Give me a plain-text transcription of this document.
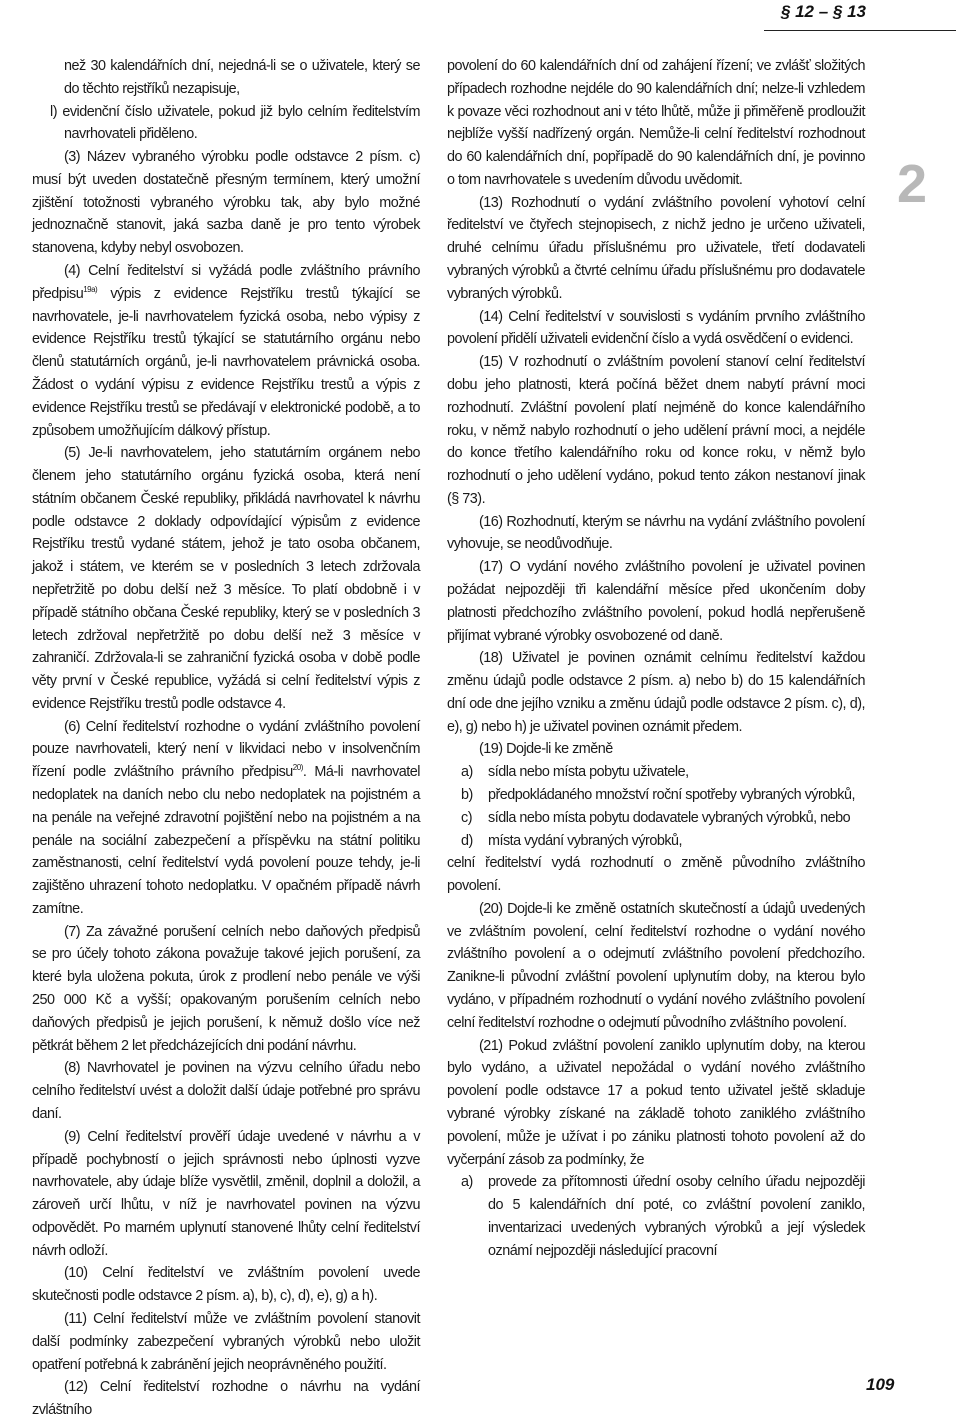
§ 12 – § 13
2

než 30 kalendářních dní, nejedná-li se o uživatele, který se do těchto rejstříků nezapisuje,

l) evidenční číslo uživatele, pokud již bylo celním ředitelstvím navrhovateli přiděleno.

(3) Název vybraného výrobku podle odstavce 2 písm. c) musí být uveden dostatečně přesným termínem, který umožní zjištění totožnosti vybraného výrobku tak, aby bylo možné jednoznačně stanovit, jaká sazba daně je pro tento výrobek stanovena, kdyby nebyl osvobozen.

(4) Celní ředitelství si vyžádá podle zvláštního právního předpisu$^{19a)}$ výpis z evidence Rejstříku trestů týkající se navrhovatele, je-li navrhovatelem fyzická osoba, nebo výpisy z evidence Rejstříku trestů týkající se statutárního orgánu nebo členů statutárních orgánů, je-li navrhovatelem právnická osoba. Žádost o vydání výpisu z evidence Rejstříku trestů a výpis z evidence Rejstříku trestů se předávají v elektronické podobě, a to způsobem umožňujícím dálkový přístup.

(5) Je-li navrhovatelem, jeho statutárním orgánem nebo členem jeho statutárního orgánu fyzická osoba, která není státním občanem České republiky, přikládá navrhovatel k návrhu podle odstavce 2 doklady odpovídající výpisům z evidence Rejstříku trestů vydané státem, jehož je tato osoba občanem, jakož i státem, ve kterém se v posledních 3 letech zdržovala nepřetržitě po dobu delší než 3 měsíce. To platí obdobně i v případě státního občana České republiky, který se v posledních 3 letech zdržoval nepřetržitě po dobu delší než 3 měsíce v zahraničí. Zdržovala-li se zahraniční fyzická osoba v době podle věty první v České republice, vyžádá si celní ředitelství výpis z evidence Rejstříku trestů podle odstavce 4.

(6) Celní ředitelství rozhodne o vydání zvláštního povolení pouze navrhovateli, který není v likvidaci nebo v insolvenčním řízení podle zvláštního právního předpisu$^{20)}$. Má-li navrhovatel nedoplatek na daních nebo clu nebo nedoplatek na pojistném a na penále na veřejné zdravotní pojištění nebo na pojistném a na penále na sociální zabezpečení a příspěvku na státní politiku zaměstnanosti, celní ředitelství vydá povolení pouze tehdy, je-li zajištěno uhrazení tohoto nedoplatku. V opačném případě návrh zamítne.

(7) Za závažné porušení celních nebo daňových předpisů se pro účely tohoto zákona považuje takové jejich porušení, za které byla uložena pokuta, úrok z prodlení nebo penále ve výši 250 000 Kč a vyšší; opakovaným porušením celních nebo daňových předpisů je jejich porušení, k němuž došlo více než pětkrát během 2 let předcházejících dni podání návrhu.

(8) Navrhovatel je povinen na výzvu celního úřadu nebo celního ředitelství uvést a doložit další údaje potřebné pro správu daní.

(9) Celní ředitelství prověří údaje uvedené v návrhu a v případě pochybností o jejich správnosti nebo úplnosti vyzve navrhovatele, aby údaje blíže vysvětlil, změnil, doplnil a doložil, a zároveň určí lhůtu, v níž je navrhovatel povinen na výzvu odpovědět. Po marném uplynutí stanovené lhůty celní ředitelství návrh odloží.

(10) Celní ředitelství ve zvláštním povolení uvede skutečnosti podle odstavce 2 písm. a), b), c), d), e), g) a h).

(11) Celní ředitelství může ve zvláštním povolení stanovit další podmínky zabezpečení vybraných výrobků nebo uložit opatření potřebná k zabránění jejich neoprávněného použití.

(12) Celní ředitelství rozhodne o návrhu na vydání zvláštního

povolení do 60 kalendářních dní od zahájení řízení; ve zvlášť složitých případech rozhodne nejdéle do 90 kalendářních dní; nelze-li vzhledem k povaze věci rozhodnout ani v této lhůtě, může ji přiměřeně prodloužit nejblíže vyšší nadřízený orgán. Nemůže-li celní ředitelství rozhodnout do 60 kalendářních dní, popřípadě do 90 kalendářních dní, je povinno o tom navrhovatele s uvedením důvodu uvědomit.

(13) Rozhodnutí o vydání zvláštního povolení vyhotoví celní ředitelství ve čtyřech stejnopisech, z nichž jedno je určeno uživateli, druhé celnímu úřadu příslušnému pro uživatele, třetí dodavateli vybraných výrobků a čtvrté celnímu úřadu příslušnému pro dodavatele vybraných výrobků.

(14) Celní ředitelství v souvislosti s vydáním prvního zvláštního povolení přidělí uživateli evidenční číslo a vydá osvědčení o evidenci.

(15) V rozhodnutí o zvláštním povolení stanoví celní ředitelství dobu jeho platnosti, která počíná běžet dnem nabytí právní moci rozhodnutí. Zvláštní povolení platí nejméně do konce kalendářního roku, v němž nabylo rozhodnutí o jeho udělení právní moci, a nejdéle do konce třetího kalendářního roku od konce roku, v němž bylo rozhodnutí o jeho udělení vydáno, pokud tento zákon nestanoví jinak (§ 73).

(16) Rozhodnutí, kterým se návrhu na vydání zvláštního povolení vyhovuje, se neodůvodňuje.

(17) O vydání nového zvláštního povolení je uživatel povinen požádat nejpozději tři kalendářní měsíce před ukončením doby platnosti předchozího zvláštního povolení, pokud hodlá nepřerušeně přijímat vybrané výrobky osvobozené od daně.

(18) Uživatel je povinen oznámit celnímu ředitelství každou změnu údajů podle odstavce 2 písm. a) nebo b) do 15 kalendářních dní ode dne jejího vzniku a změnu údajů podle odstavce 2 písm. c), d), e), g) nebo h) je uživatel povinen oznámit předem.

(19) Dojde-li ke změně

a) sídla nebo místa pobytu uživatele,
b) předpokládaného množství roční spotřeby vybraných výrobků,
c) sídla nebo místa pobytu dodavatele vybraných výrobků, nebo
d) místa vydání vybraných výrobků,

celní ředitelství vydá rozhodnutí o změně původního zvláštního povolení.

(20) Dojde-li ke změně ostatních skutečností a údajů uvedených ve zvláštním povolení, celní ředitelství rozhodne o vydání nového zvláštního povolení a o odejmutí zvláštního povolení předchozího. Zanikne-li původní zvláštní povolení uplynutím doby, na kterou bylo vydáno, v případném rozhodnutí o vydání nového zvláštního povolení celní ředitelství rozhodne o odejmutí původního zvláštního povolení.

(21) Pokud zvláštní povolení zaniklo uplynutím doby, na kterou bylo vydáno, a uživatel nepožádal o vydání nového zvláštního povolení podle odstavce 17 a pokud tento uživatel ještě skladuje vybrané výrobky získané na základě tohoto zaniklého zvláštního povolení, může je užívat i po zániku platnosti tohoto povolení až do vyčerpání zásob za podmínky, že

a) provede za přítomnosti úřední osoby celního úřadu nejpozději do 5 kalendářních dní poté, co zvláštní povolení zaniklo, inventarizaci uvedených vybraných výrobků a její výsledek oznámí nejpozději následující pracovní
109
